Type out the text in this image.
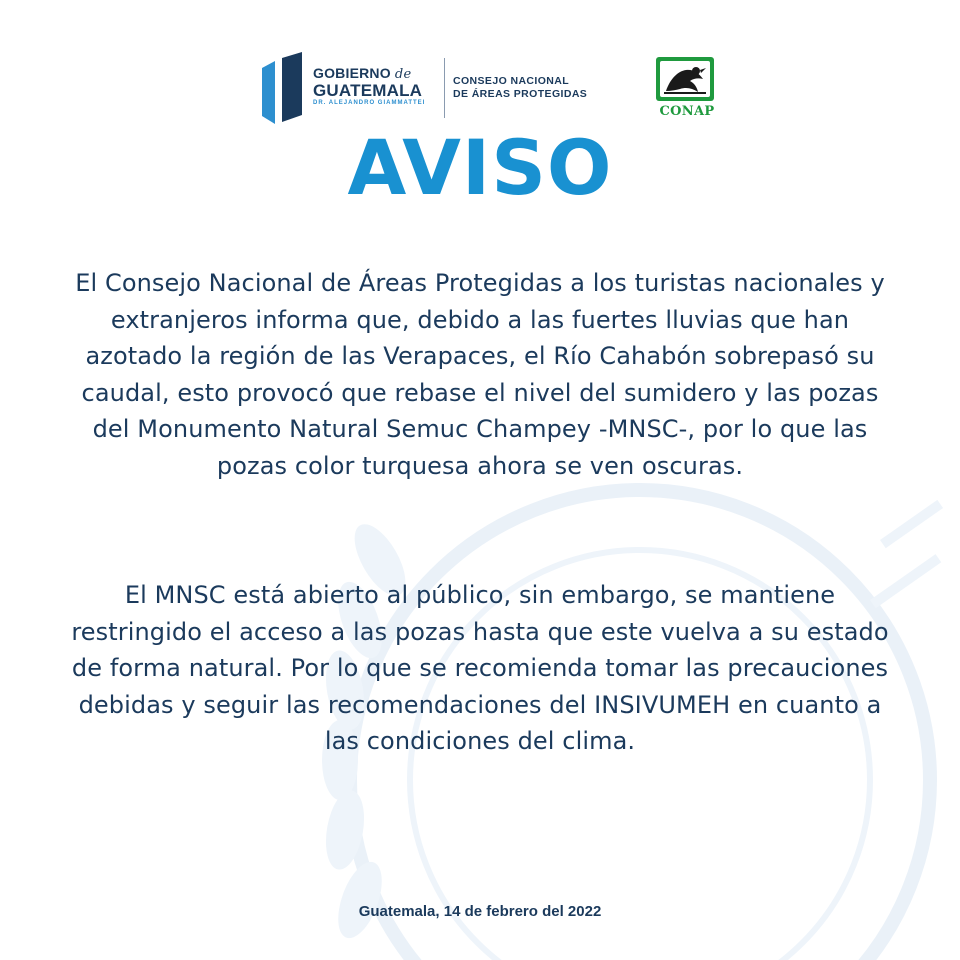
GOBIERNO de
GUATEMALA
DR. ALEJANDRO GIAMMATTEI
CONSEJO NACIONAL
DE ÁREAS PROTEGIDAS
CONAP
AVISO

El Consejo Nacional de Áreas Protegidas a los turistas nacionales y extranjeros informa que, debido a las fuertes lluvias que han azotado la región de las Verapaces, el Río Cahabón sobrepasó su caudal, esto provocó que rebase el nivel del sumidero y las pozas del Monumento Natural Semuc Champey -MNSC-, por lo que las pozas color turquesa ahora se ven oscuras.

El MNSC está abierto al público, sin embargo, se mantiene restringido el acceso a las pozas hasta que este vuelva a su estado de forma natural. Por lo que se recomienda tomar las precauciones debidas y seguir las recomendaciones del INSIVUMEH en cuanto a las condiciones del clima.

Guatemala, 14 de febrero del 2022
